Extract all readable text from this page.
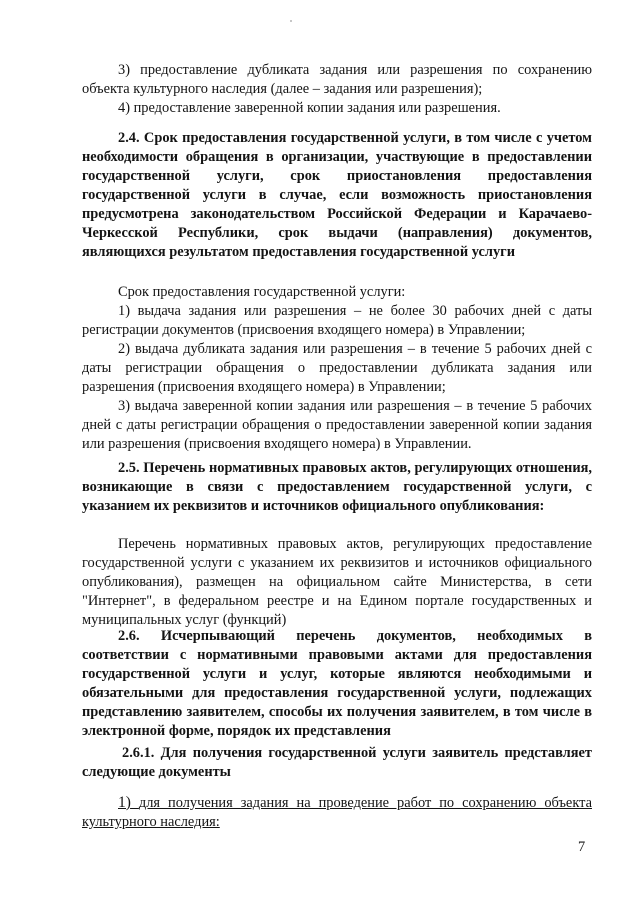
3) предоставление дубликата задания или разрешения по сохранению объекта культурного наследия (далее – задания или разрешения);

4) предоставление заверенной копии задания или разрешения.

2.4. Срок предоставления государственной услуги, в том числе с учетом необходимости обращения в организации, участвующие в предоставлении государственной услуги, срок приостановления предоставления государственной услуги в случае, если возможность приостановления предусмотрена законодательством Российской Федерации и Карачаево-Черкесской Республики, срок выдачи (направления) документов, являющихся результатом предоставления государственной услуги

Срок предоставления государственной услуги:

1) выдача задания или разрешения – не более 30 рабочих дней с даты регистрации документов (присвоения входящего номера) в Управлении;

2) выдача дубликата задания или разрешения – в течение 5 рабочих дней с даты регистрации обращения о предоставлении дубликата задания или разрешения (присвоения входящего номера) в Управлении;

3) выдача заверенной копии задания или разрешения – в течение 5 рабочих дней с даты регистрации обращения о предоставлении заверенной копии задания или разрешения (присвоения входящего номера) в Управлении.

2.5. Перечень нормативных правовых актов, регулирующих отношения, возникающие в связи с предоставлением государственной услуги, с указанием их реквизитов и источников официального опубликования:

Перечень нормативных правовых актов, регулирующих предоставление государственной услуги с указанием их реквизитов и источников официального опубликования), размещен на официальном сайте Министерства, в сети "Интернет", в федеральном реестре и на Едином портале государственных и муниципальных услуг (функций)

2.6. Исчерпывающий перечень документов, необходимых в соответствии с нормативными правовыми актами для предоставления государственной услуги и услуг, которые являются необходимыми и обязательными для предоставления государственной услуги, подлежащих представлению заявителем, способы их получения заявителем, в том числе в электронной форме, порядок их представления

2.6.1. Для получения государственной услуги заявитель представляет следующие документы

1) для получения задания на проведение работ по сохранению объекта культурного наследия:

7
